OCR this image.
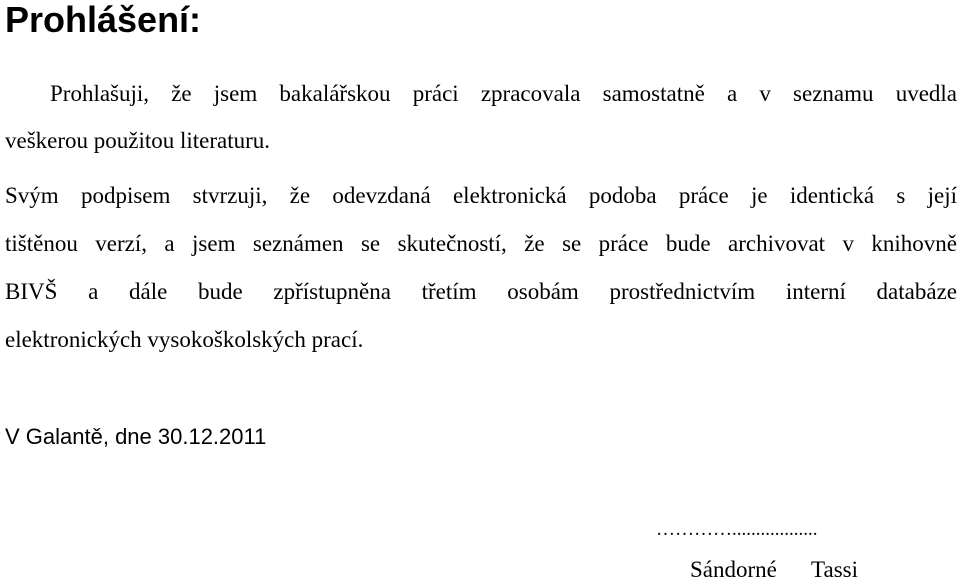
Prohlášení:
Prohlašuji, že jsem bakalářskou práci zpracovala samostatně a v seznamu uvedla
veškerou použitou literaturu.
Svým podpisem stvrzuji, že odevzdaná elektronická podoba práce je identická s její
tištěnou verzí, a jsem seznámen se skutečností, že se práce bude archivovat v knihovně
BIVŠ a dále bude zpřístupněna třetím osobám prostřednictvím interní databáze
elektronických vysokoškolských prací.
V Galantě, dne 30.12.2011
…………..................
Sándorné Tassi
